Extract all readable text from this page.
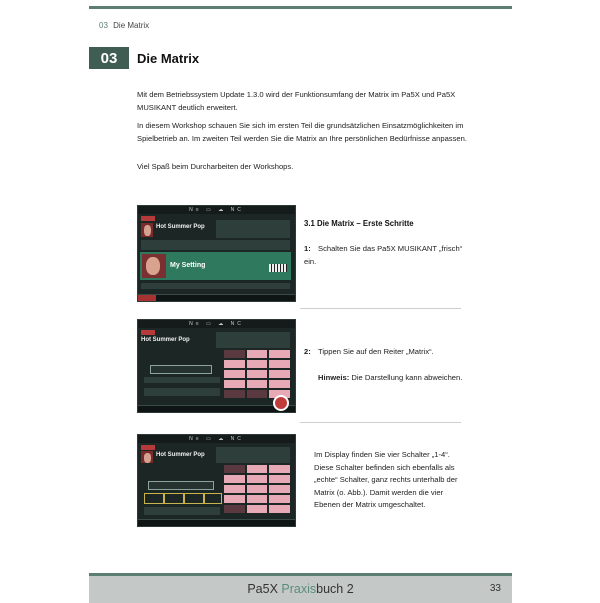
03 Die Matrix
03	Die Matrix

Mit dem Betriebssystem Update 1.3.0 wird der Funktionsumfang der Matrix im Pa5X und Pa5X MUSIKANT deutlich erweitert.

In diesem Workshop schauen Sie sich im ersten Teil die grundsätzlichen Einsatzmöglichkeiten im Spielbetrieb an. Im zweiten Teil werden Sie die Matrix an Ihre persönlichen Bedürfnisse anpassen.

Viel Spaß beim Durcharbeiten der Workshops.

N≡ ▭ ☁ NC
Hot Summer Pop
My Setting
N≡ ▭ ☁ NC
Hot Summer Pop
N≡ ▭ ☁ NC
Hot Summer Pop
3.1 Die Matrix – Erste Schritte

1: Schalten Sie das Pa5X MUSIKANT „frisch“ ein.

2: Tippen Sie auf den Reiter „Matrix“.

Hinweis: Die Darstellung kann abweichen.

Im Display finden Sie vier Schalter „1-4“. Diese Schalter befinden sich ebenfalls als „echte“ Schalter, ganz rechts unterhalb der Matrix (o. Abb.). Damit werden die vier Ebenen der Matrix umgeschaltet.

Pa5X Praxisbuch 2	33
